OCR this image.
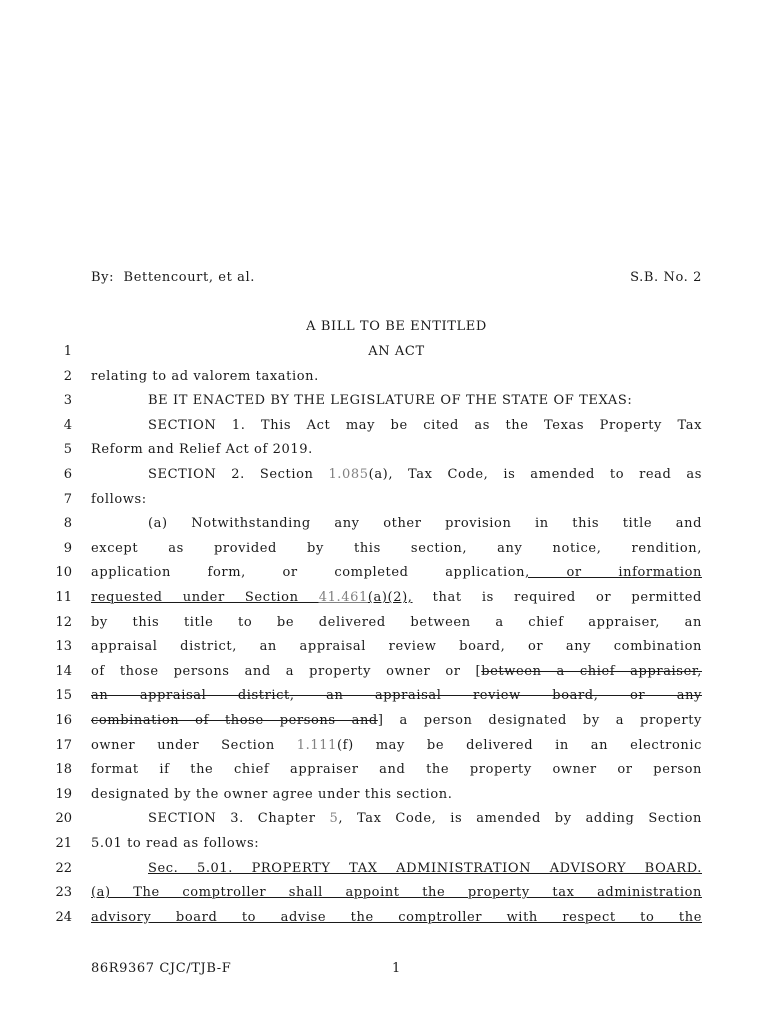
By:  Bettencourt, et al.	S.B. No. 2
A BILL TO BE ENTITLED
1	AN ACT
2 relating to ad valorem taxation.
3	BE IT ENACTED BY THE LEGISLATURE OF THE STATE OF TEXAS:
4	SECTION 1. This Act may be cited as the Texas Property Tax
5 Reform and Relief Act of 2019.
6	SECTION 2. Section 1.085(a), Tax Code, is amended to read as
7 follows:
8	(a) Notwithstanding any other provision in this title and
9 except as provided by this section, any notice, rendition,
10 application form, or completed application, or information
11 requested under Section 41.461(a)(2), that is required or permitted
12 by this title to be delivered between a chief appraiser, an
13 appraisal district, an appraisal review board, or any combination
14 of those persons and a property owner or [between a chief appraiser,
15 an appraisal district, an appraisal review board, or any
16 combination of those persons and] a person designated by a property
17 owner under Section 1.111(f) may be delivered in an electronic
18 format if the chief appraiser and the property owner or person
19 designated by the owner agree under this section.
20	SECTION 3. Chapter 5, Tax Code, is amended by adding Section
21 5.01 to read as follows:
22	Sec. 5.01. PROPERTY TAX ADMINISTRATION ADVISORY BOARD.
23 (a) The comptroller shall appoint the property tax administration
24 advisory board to advise the comptroller with respect to the
86R9367 CJC/TJB-F	1
